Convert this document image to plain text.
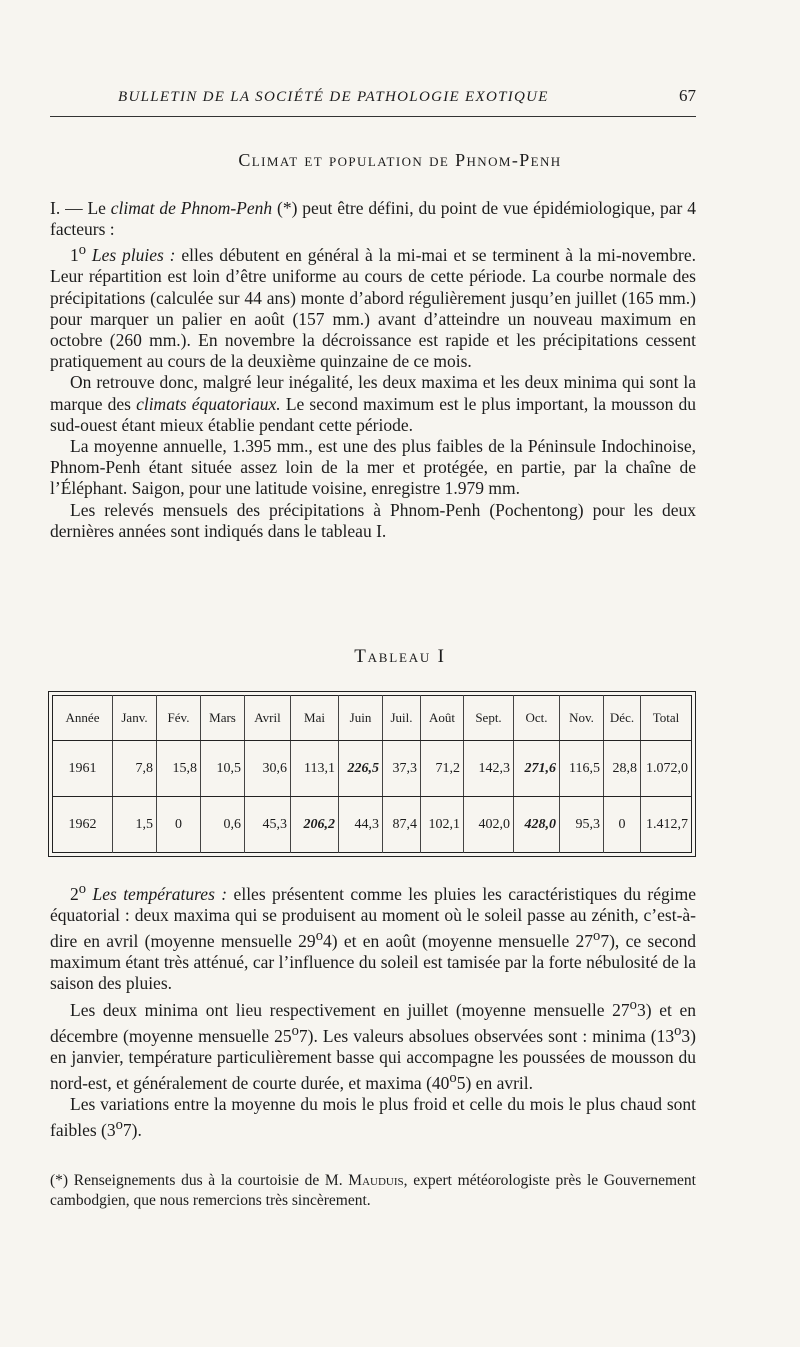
BULLETIN DE LA SOCIÉTÉ DE PATHOLOGIE EXOTIQUE	67
Climat et population de Phnom-Penh

I. — Le climat de Phnom-Penh (*) peut être défini, du point de vue épidémiologique, par 4 facteurs :

1$^o$ Les pluies : elles débutent en général à la mi-mai et se terminent à la mi-novembre. Leur répartition est loin d’être uniforme au cours de cette période. La courbe normale des précipitations (calculée sur 44 ans) monte d’abord régulièrement jusqu’en juillet (165 mm.) pour marquer un palier en août (157 mm.) avant d’atteindre un nouveau maximum en octobre (260 mm.). En novembre la décroissance est rapide et les précipitations cessent pratiquement au cours de la deuxième quinzaine de ce mois.

On retrouve donc, malgré leur inégalité, les deux maxima et les deux minima qui sont la marque des climats équatoriaux. Le second maximum est le plus important, la mousson du sud-ouest étant mieux établie pendant cette période.

La moyenne annuelle, 1.395 mm., est une des plus faibles de la Péninsule Indochinoise, Phnom-Penh étant située assez loin de la mer et protégée, en partie, par la chaîne de l’Éléphant. Saigon, pour une latitude voisine, enregistre 1.979 mm.

Les relevés mensuels des précipitations à Phnom-Penh (Pochentong) pour les deux dernières années sont indiqués dans le tableau I.

Tableau I
Année	Janv.	Fév.	Mars	Avril	Mai	Juin	Juil.	Août	Sept.	Oct.	Nov.	Déc.	Total
1961	7,8	15,8	10,5	30,6	113,1	226,5	37,3	71,2	142,3	271,6	116,5	28,8	1.072,0
1962	1,5	0	0,6	45,3	206,2	44,3	87,4	102,1	402,0	428,0	95,3	0	1.412,7

2$^o$ Les températures : elles présentent comme les pluies les caractéristiques du régime équatorial : deux maxima qui se produisent au moment où le soleil passe au zénith, c’est-à-dire en avril (moyenne mensuelle 29$^o$4) et en août (moyenne mensuelle 27$^o$7), ce second maximum étant très atténué, car l’influence du soleil est tamisée par la forte nébulosité de la saison des pluies.

Les deux minima ont lieu respectivement en juillet (moyenne mensuelle 27$^o$3) et en décembre (moyenne mensuelle 25$^o$7). Les valeurs absolues observées sont : minima (13$^o$3) en janvier, température particulièrement basse qui accompagne les poussées de mousson du nord-est, et généralement de courte durée, et maxima (40$^o$5) en avril.

Les variations entre la moyenne du mois le plus froid et celle du mois le plus chaud sont faibles (3$^o$7).

(*) Renseignements dus à la courtoisie de M. Mauduis, expert météorologiste près le Gouvernement cambodgien, que nous remercions très sincèrement.
